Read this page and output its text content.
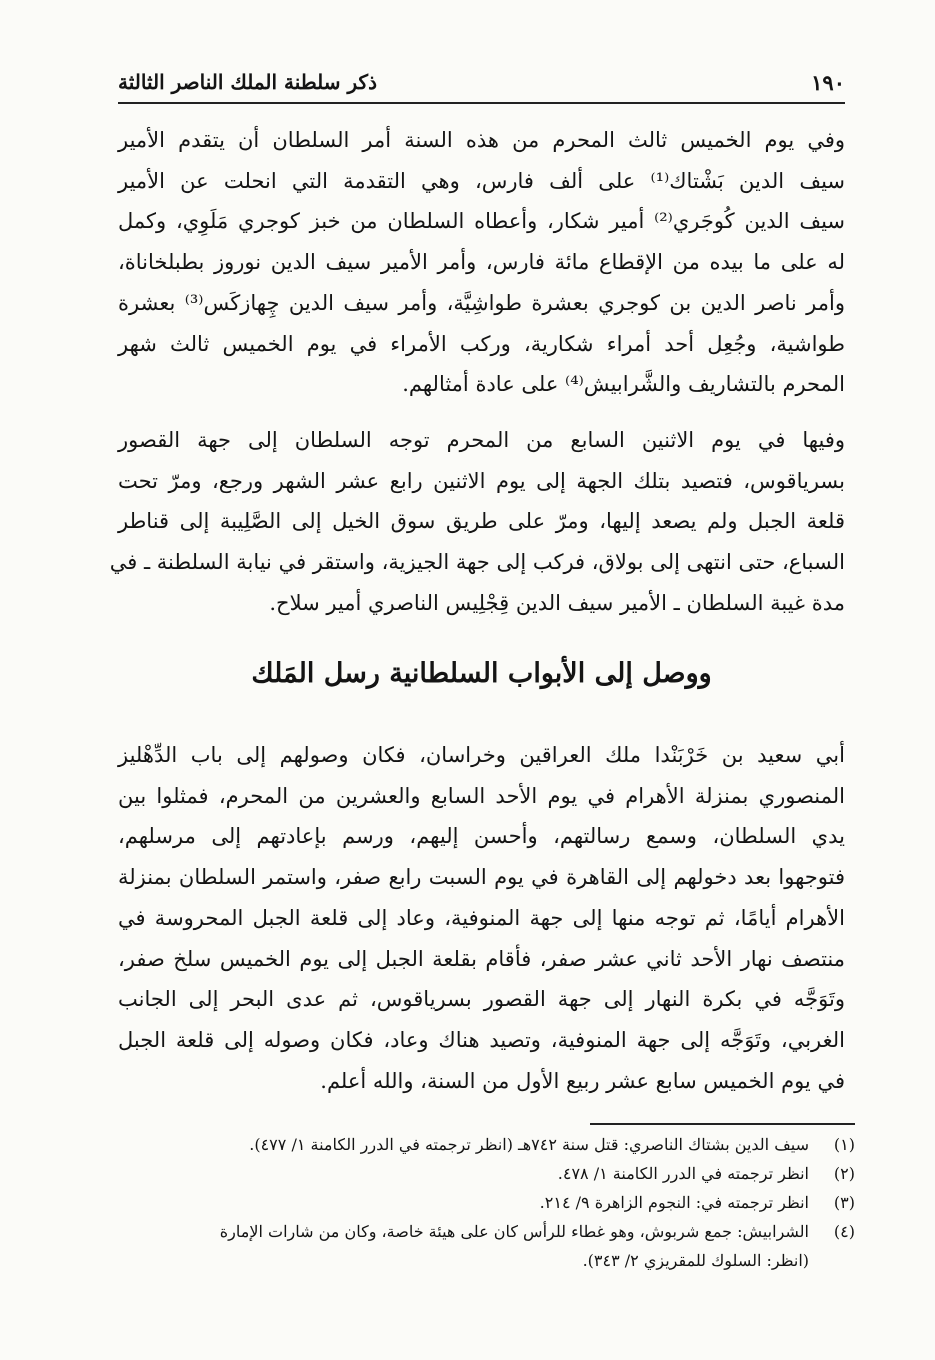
ذكر سلطنة الملك الناصر الثالثة	١٩٠

وفي يوم الخميس ثالث المحرم من هذه السنة أمر السلطان أن يتقدم الأمير
سيف الدين بَشْتاك⁽¹⁾ على ألف فارس، وهي التقدمة التي انحلت عن الأمير
سيف الدين كُوجَري⁽²⁾ أمير شكار، وأعطاه السلطان من خبز كوجري مَلَوِي، وكمل
له على ما بيده من الإقطاع مائة فارس، وأمر الأمير سيف الدين نوروز بطبلخاناة،
وأمر ناصر الدين بن كوجري بعشرة طواشِيَّة، وأمر سيف الدين چِهازكَس⁽³⁾ بعشرة
طواشية، وجُعِل أحد أمراء شكارية، وركب الأمراء في يوم الخميس ثالث شهر
المحرم بالتشاريف والشَّرابيش⁽⁴⁾ على عادة أمثالهم.

وفيها في يوم الاثنين السابع من المحرم توجه السلطان إلى جهة القصور
بسرياقوس، فتصيد بتلك الجهة إلى يوم الاثنين رابع عشر الشهر ورجع، ومرّ تحت
قلعة الجبل ولم يصعد إليها، ومرّ على طريق سوق الخيل إلى الصَّلِيبة إلى قناطر
السباع، حتى انتهى إلى بولاق، فركب إلى جهة الجيزية، واستقر في نيابة السلطنة ـ في
مدة غيبة السلطان ـ الأمير سيف الدين قِجْلِيس الناصري أمير سلاح.

ووصل إلى الأبواب السلطانية رسل المَلك

أبي سعيد بن خَرْبَنْدا ملك العراقين وخراسان، فكان وصولهم إلى باب الدِّهْليز
المنصوري بمنزلة الأهرام في يوم الأحد السابع والعشرين من المحرم، فمثلوا بين
يدي السلطان، وسمع رسالتهم، وأحسن إليهم، ورسم بإعادتهم إلى مرسلهم،
فتوجهوا بعد دخولهم إلى القاهرة في يوم السبت رابع صفر، واستمر السلطان بمنزلة
الأهرام أيامًا، ثم توجه منها إلى جهة المنوفية، وعاد إلى قلعة الجبل المحروسة في
منتصف نهار الأحد ثاني عشر صفر، فأقام بقلعة الجبل إلى يوم الخميس سلخ صفر،
وتَوَجَّه في بكرة النهار إلى جهة القصور بسرياقوس، ثم عدى البحر إلى الجانب
الغربي، وتَوَجَّه إلى جهة المنوفية، وتصيد هناك وعاد، فكان وصوله إلى قلعة الجبل
في يوم الخميس سابع عشر ربيع الأول من السنة، والله أعلم.

(١)
سيف الدين بشتاك الناصري: قتل سنة ٧٤٢هـ (انظر ترجمته في الدرر الكامنة ١/ ٤٧٧).
(٢)
انظر ترجمته في الدرر الكامنة ١/ ٤٧٨.
(٣)
انظر ترجمته في: النجوم الزاهرة ٩/ ٢١٤.
(٤)
الشرابيش: جمع شربوش، وهو غطاء للرأس كان على هيئة خاصة، وكان من شارات الإمارة
(انظر: السلوك للمقريزي ٢/ ٣٤٣).
